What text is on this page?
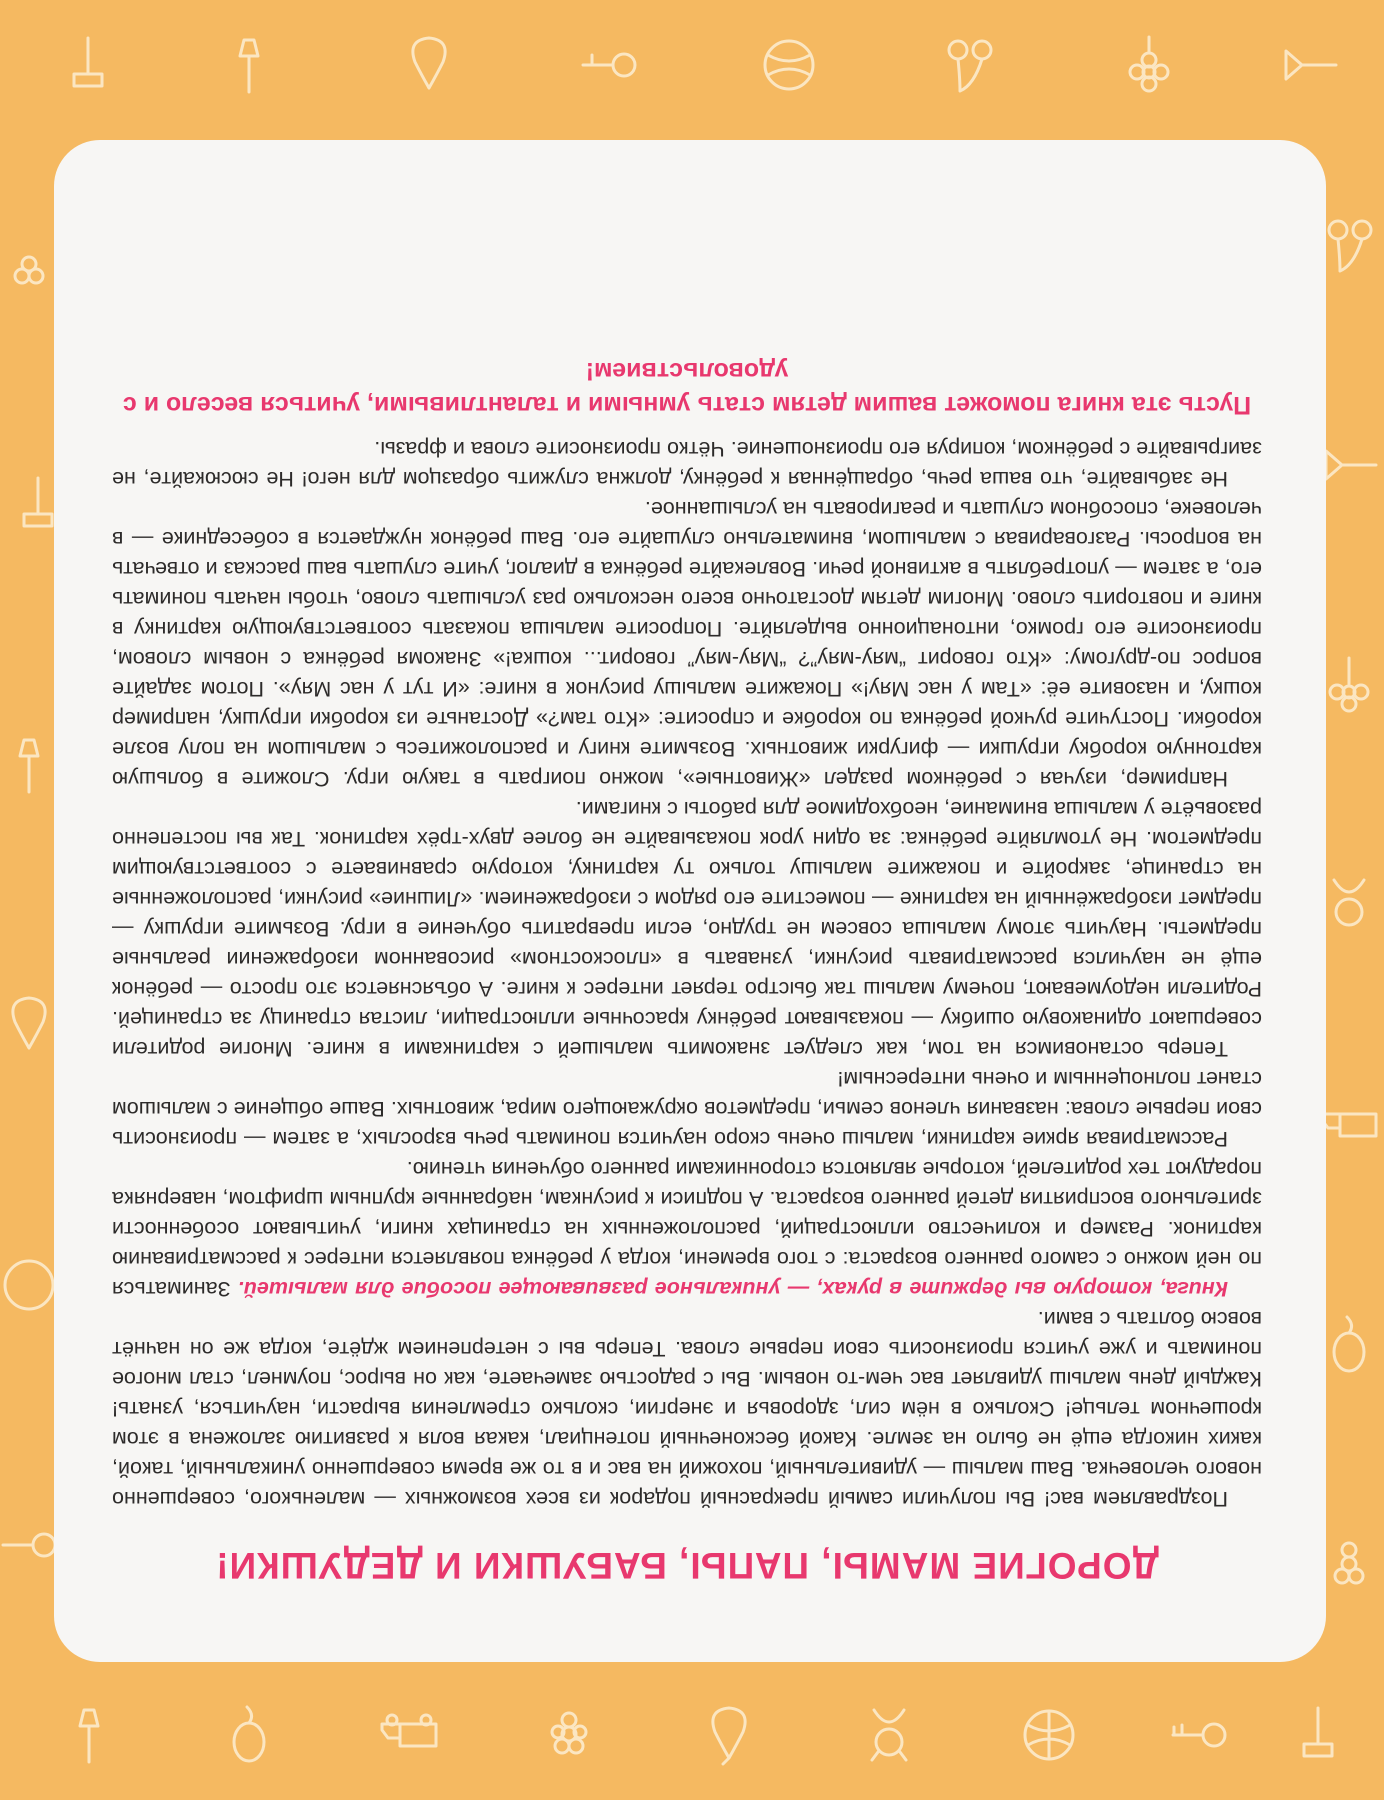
ДОРОГИЕ МАМЫ, ПАПЫ, БАБУШКИ И ДЕДУШКИ!

Поздравляем вас! Вы получили самый прекрасный подарок из всех возможных — маленького, совершенно нового человечка. Ваш малыш — удивительный, похожий на вас и в то же время совершенно уникальный, такой, каких никогда ещё не было на земле. Какой бесконечный потенциал, какая воля к развитию заложена в этом крошечном тельце! Сколько в нём сил, здоровья и энергии, сколько стремления вырасти, научиться, узнать! Каждый день малыш удивляет вас чем-то новым. Вы с радостью замечаете, как он вырос, поумнел, стал многое понимать и уже учится произносить свои первые слова. Теперь вы с нетерпением ждёте, когда же он начнёт вовсю болтать с вами.

Книга, которую вы держите в руках, — уникальное развивающее пособие для малышей. Заниматься по ней можно с самого раннего возраста: с того времени, когда у ребёнка появляется интерес к рассматриванию картинок. Размер и количество иллюстраций, расположенных на страницах книги, учитывают особенности зрительного восприятия детей раннего возраста. А подписи к рисункам, набранные крупным шрифтом, наверняка порадуют тех родителей, которые являются сторонниками раннего обучения чтению.

Рассматривая яркие картинки, малыш очень скоро научится понимать речь взрослых, а затем — произносить свои первые слова: названия членов семьи, предметов окружающего мира, животных. Ваше общение с малышом станет полноценным и очень интересным!

Теперь остановимся на том, как следует знакомить малышей с картинками в книге. Многие родители совершают одинаковую ошибку — показывают ребёнку красочные иллюстрации, листая страницу за страницей. Родители недоумевают, почему малыш так быстро теряет интерес к книге. А объясняется это просто — ребёнок ещё не научился рассматривать рисунки, узнавать в «плоскостном» рисованном изображении реальные предметы. Научить этому малыша совсем не трудно, если превратить обучение в игру. Возьмите игрушку — предмет изображённый на картинке — поместите его рядом с изображением. «Лишние» рисунки, расположенные на странице, закройте и покажите малышу только ту картинку, которую сравниваете с соответствующим предметом. Не утомляйте ребёнка: за один урок показывайте не более двух-трёх картинок. Так вы постепенно разовьёте у малыша внимание, необходимое для работы с книгами.

Например, изучая с ребёнком раздел «Животные», можно поиграть в такую игру. Сложите в большую картонную коробку игрушки — фигурки животных. Возьмите книгу и расположитесь с малышом на полу возле коробки. Постучите ручкой ребёнка по коробке и спросите: «Кто там?» Достаньте из коробки игрушку, например кошку, и назовите её: «Там у нас Мяу!» Покажите малышу рисунок в книге: «И тут у нас Мяу». Потом задайте вопрос по-другому: «Кто говорит “мяу-мяу”? “Мяу-мяу” говорит... кошка!» Знакомя ребёнка с новым словом, произносите его громко, интонационно выделяйте. Попросите малыша показать соответствующую картинку в книге и повторить слово. Многим детям достаточно всего несколько раз услышать слово, чтобы начать понимать его, а затем — употреблять в активной речи. Вовлекайте ребёнка в диалог, учите слушать ваш рассказ и отвечать на вопросы. Разговаривая с малышом, внимательно слушайте его. Ваш ребёнок нуждается в собеседнике — в человеке, способном слушать и реагировать на услышанное.

Не забывайте, что ваша речь, обращённая к ребёнку, должна служить образцом для него! Не сюсюкайте, не заигрывайте с ребёнком, копируя его произношение. Чётко произносите слова и фразы.

Пусть эта книга поможет вашим детям стать умными и талантливыми, учиться весело и с удовольствием!
